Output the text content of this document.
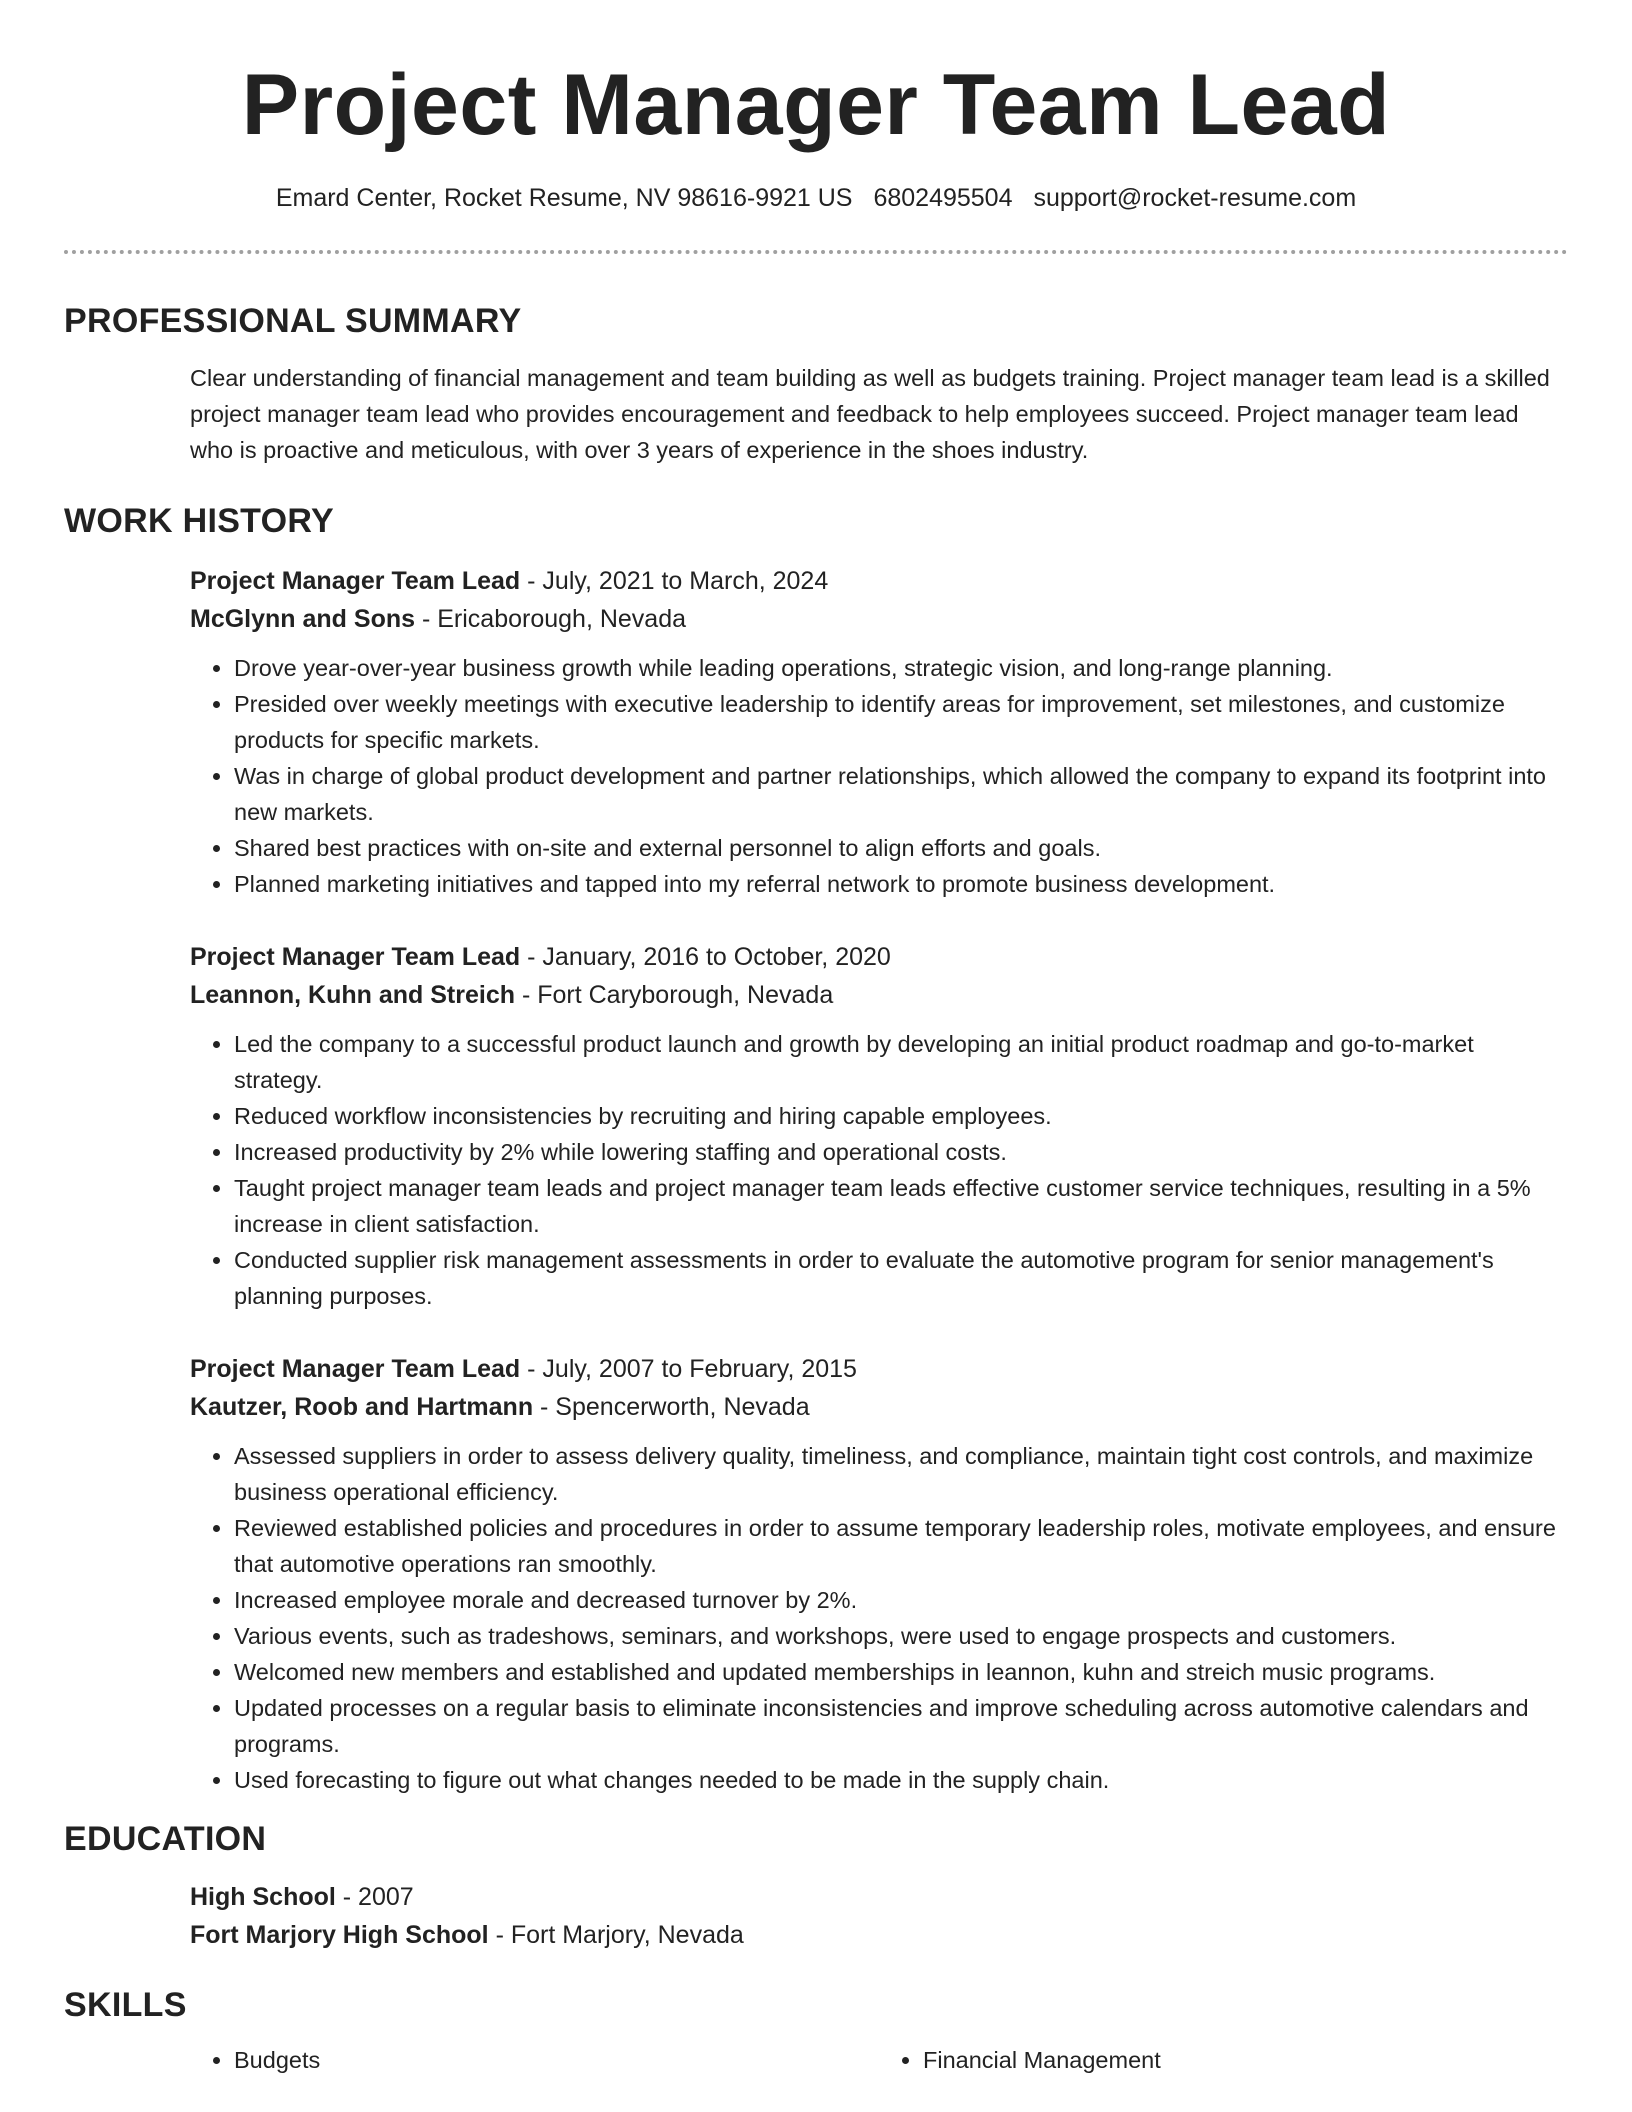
Project Manager Team Lead
Emard Center, Rocket Resume, NV 98616-9921 US 6802495504 support@rocket-resume.com
PROFESSIONAL SUMMARY

Clear understanding of financial management and team building as well as budgets training. Project manager team lead is a skilled project manager team lead who provides encouragement and feedback to help employees succeed. Project manager team lead who is proactive and meticulous, with over 3 years of experience in the shoes industry.

WORK HISTORY
Project Manager Team Lead - July, 2021 to March, 2024
McGlynn and Sons - Ericaborough, Nevada
• Drove year-over-year business growth while leading operations, strategic vision, and long-range planning.
• Presided over weekly meetings with executive leadership to identify areas for improvement, set milestones, and customize products for specific markets.
• Was in charge of global product development and partner relationships, which allowed the company to expand its footprint into new markets.
• Shared best practices with on-site and external personnel to align efforts and goals.
• Planned marketing initiatives and tapped into my referral network to promote business development.
Project Manager Team Lead - January, 2016 to October, 2020
Leannon, Kuhn and Streich - Fort Caryborough, Nevada
• Led the company to a successful product launch and growth by developing an initial product roadmap and go-to-market strategy.
• Reduced workflow inconsistencies by recruiting and hiring capable employees.
• Increased productivity by 2% while lowering staffing and operational costs.
• Taught project manager team leads and project manager team leads effective customer service techniques, resulting in a 5% increase in client satisfaction.
• Conducted supplier risk management assessments in order to evaluate the automotive program for senior management's planning purposes.
Project Manager Team Lead - July, 2007 to February, 2015
Kautzer, Roob and Hartmann - Spencerworth, Nevada
• Assessed suppliers in order to assess delivery quality, timeliness, and compliance, maintain tight cost controls, and maximize business operational efficiency.
• Reviewed established policies and procedures in order to assume temporary leadership roles, motivate employees, and ensure that automotive operations ran smoothly.
• Increased employee morale and decreased turnover by 2%.
• Various events, such as tradeshows, seminars, and workshops, were used to engage prospects and customers.
• Welcomed new members and established and updated memberships in leannon, kuhn and streich music programs.
• Updated processes on a regular basis to eliminate inconsistencies and improve scheduling across automotive calendars and programs.
• Used forecasting to figure out what changes needed to be made in the supply chain.
EDUCATION
High School - 2007
Fort Marjory High School - Fort Marjory, Nevada
SKILLS
• Budgets
•	Financial Management
